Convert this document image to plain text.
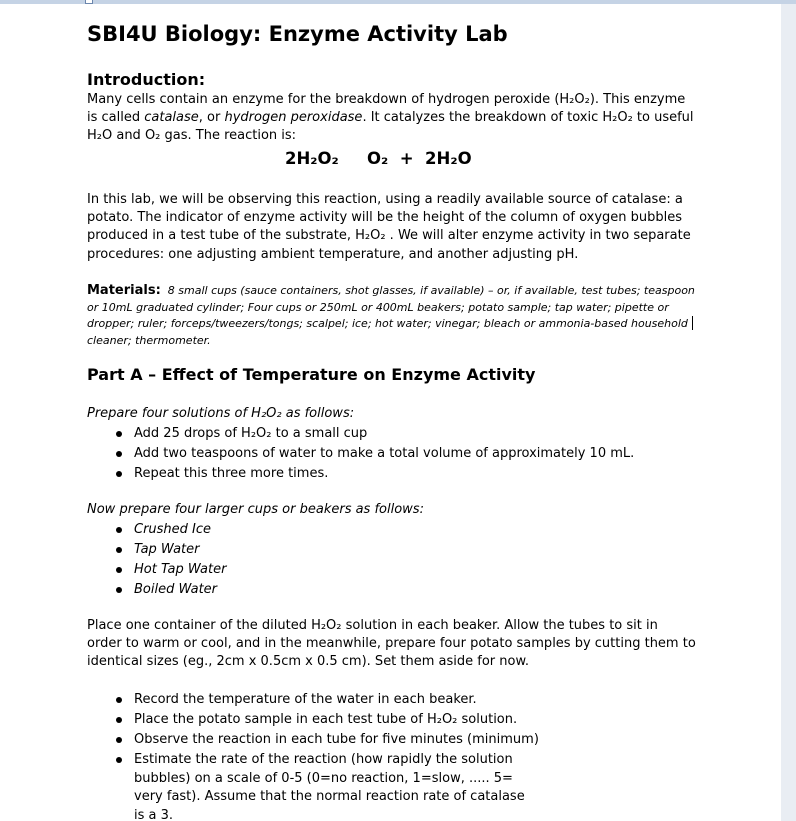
SBI4U Biology: Enzyme Activity Lab
Introduction:
Many cells contain an enzyme for the breakdown of hydrogen peroxide (H₂O₂). This enzyme
is called catalase, or hydrogen peroxidase. It catalyzes the breakdown of toxic H₂O₂ to useful
H₂O and O₂ gas. The reaction is:
2H₂O₂ O₂  +  2H₂O
In this lab, we will be observing this reaction, using a readily available source of catalase: a
potato. The indicator of enzyme activity will be the height of the column of oxygen bubbles
produced in a test tube of the substrate, H₂O₂ . We will alter enzyme activity in two separate
procedures: one adjusting ambient temperature, and another adjusting pH.
Materials: 8 small cups (sauce containers, shot glasses, if available) – or, if available, test tubes; teaspoon
or 10mL graduated cylinder; Four cups or 250mL or 400mL beakers; potato sample; tap water; pipette or
dropper; ruler; forceps/tweezers/tongs; scalpel; ice; hot water; vinegar; bleach or ammonia-based household
cleaner; thermometer.
Part A – Effect of Temperature on Enzyme Activity
Prepare four solutions of H₂O₂ as follows:
Add 25 drops of H₂O₂ to a small cup
Add two teaspoons of water to make a total volume of approximately 10 mL.
Repeat this three more times.
Now prepare four larger cups or beakers as follows:
Crushed Ice
Tap Water
Hot Tap Water
Boiled Water
Place one container of the diluted H₂O₂ solution in each beaker. Allow the tubes to sit in
order to warm or cool, and in the meanwhile, prepare four potato samples by cutting them to
identical sizes (eg., 2cm x 0.5cm x 0.5 cm). Set them aside for now.
Record the temperature of the water in each beaker.
Place the potato sample in each test tube of H₂O₂ solution.
Observe the reaction in each tube for five minutes (minimum)
Estimate the rate of the reaction (how rapidly the solution
bubbles) on a scale of 0-5 (0=no reaction, 1=slow, ..... 5=
very fast). Assume that the normal reaction rate of catalase
is a 3.
